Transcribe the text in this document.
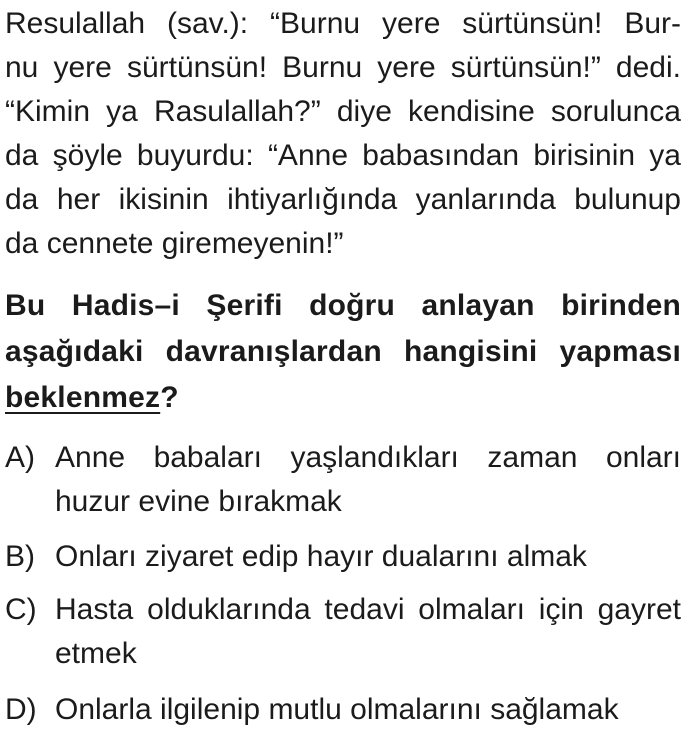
Resulallah (sav.): “Burnu yere sürtünsün! Bur-
nu yere sürtünsün! Burnu yere sürtünsün!” dedi.
“Kimin ya Rasulallah?” diye kendisine sorulunca
da şöyle buyurdu: “Anne babasından birisinin ya
da her ikisinin ihtiyarlığında yanlarında bulunup
da cennete giremeyenin!”
Bu Hadis–i Şerifi doğru anlayan birinden
aşağıdaki davranışlardan hangisini yapması
beklenmez?
A) Anne babaları yaşlandıkları zaman onları
huzur evine bırakmak
B) Onları ziyaret edip hayır dualarını almak
C) Hasta olduklarında tedavi olmaları için gayret
etmek
D) Onlarla ilgilenip mutlu olmalarını sağlamak
